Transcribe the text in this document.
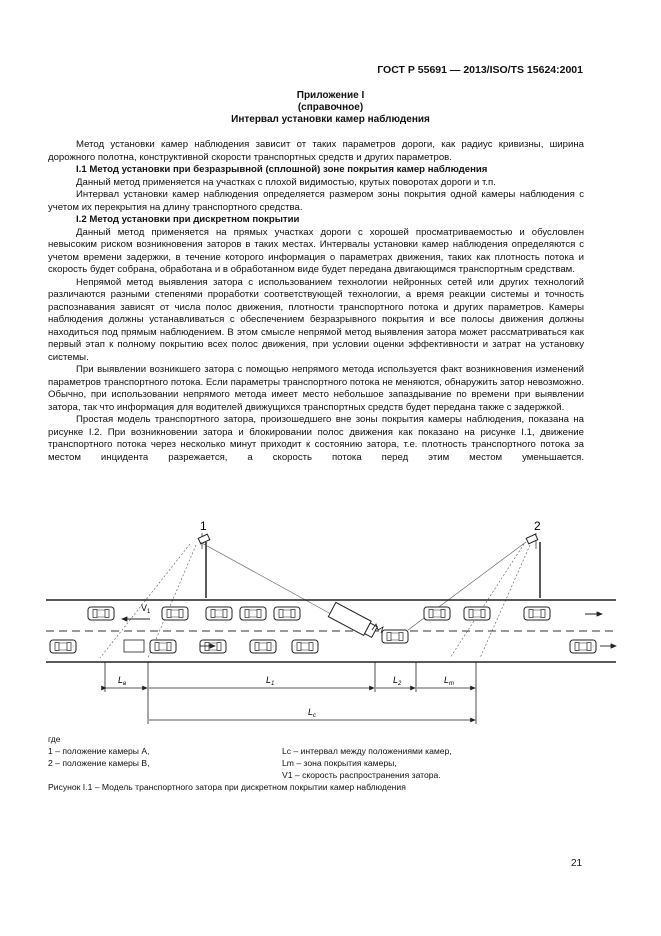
ГОСТ Р 55691 — 2013/ISO/TS 15624:2001
Приложение I
(справочное)
Интервал установки камер наблюдения

Метод установки камер наблюдения зависит от таких параметров дороги, как радиус кривизны, ширина дорожного полотна, конструктивной скорости транспортных средств и других параметров.

I.1 Метод установки при безразрывной (сплошной) зоне покрытия камер наблюдения

Данный метод применяется на участках с плохой видимостью, крутых поворотах дороги и т.п.

Интервал установки камер наблюдения определяется размером зоны покрытия одной камеры наблюдения с учетом их перекрытия на длину транспортного средства.

I.2 Метод установки при дискретном покрытии

Данный метод применяется на прямых участках дороги с хорошей просматриваемостью и обусловлен невысоким риском возникновения заторов в таких местах. Интервалы установки камер наблюдения определяются с учетом времени задержки, в течение которого информация о параметрах движения, таких как плотность потока и скорость будет собрана, обработана и в обработанном виде будет передана двигающимся транспортным средствам.

Непрямой метод выявления затора с использованием технологии нейронных сетей или других технологий различаются разными степенями проработки соответствующей технологии, а время реакции системы и точность распознавания зависят от числа полос движения, плотности транспортного потока и других параметров. Камеры наблюдения должны устанавливаться с обеспечением безразрывного покрытия и все полосы движения должны находиться под прямым наблюдением. В этом смысле непрямой метод выявления затора может рассматриваться как первый этап к полному покрытию всех полос движения, при условии оценки эффективности и затрат на установку системы.

При выявлении возникшего затора с помощью непрямого метода используется факт возникновения изменений параметров транспортного потока. Если параметры транспортного потока не меняются, обнаружить затор невозможно. Обычно, при использовании непрямого метода имеет место небольшое запаздывание по времени при выявлении затора, так что информация для водителей движущихся транспортных средств будет передана также с задержкой.

Простая модель транспортного затора, произошедшего вне зоны покрытия камеры наблюдения, показана на рисунке I.2. При возникновении затора и блокировании полос движения как показано на рисунке I.1, движение транспортного потока через несколько минут приходит к состоянию затора, т.е. плотность транспортного потока за местом инцидента разрежается, а скорость потока перед этим местом уменьшается.

1	2
$V_1$
$L_в$	$L_1$	$L_2$	$L_m$
$L_c$
где
1 – положение камеры А,
2 – положение камеры В,
Lc – интервал между положениями камер,
Lm – зона покрытия камеры,
V1 – скорость распространения затора.
Рисунок I.1 – Модель транспортного затора при дискретном покрытии камер наблюдения
21
